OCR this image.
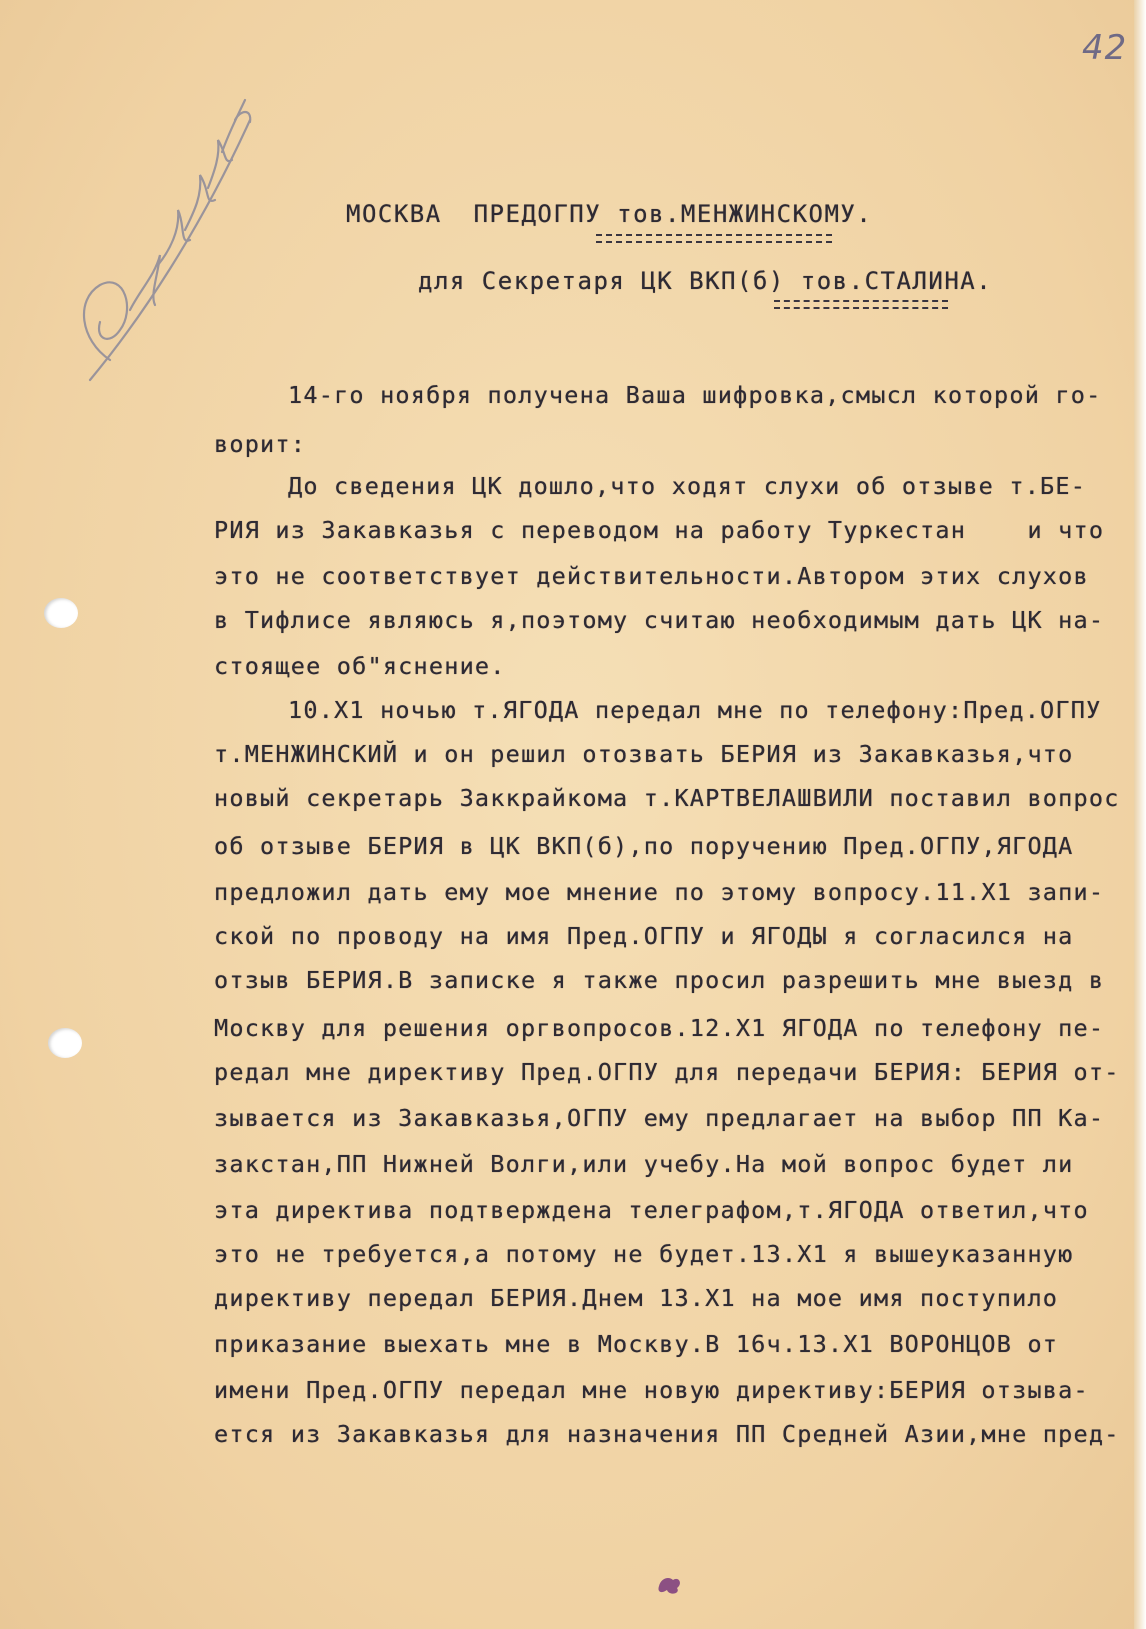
42
МОСКВА  ПРЕДОГПУ тов.МЕНЖИНСКОМУ.
для Секретаря ЦК ВКП(б) тов.СТАЛИНА.
14-го ноября получена Ваша шифровка,смысл которой го-
ворит:
До сведения ЦК дошло,что ходят слухи об отзыве т.БЕ-
РИЯ из Закавказья с переводом на работу Туркестан    и что
это не соответствует действительности.Автором этих слухов
в Тифлисе являюсь я,поэтому считаю необходимым дать ЦК на-
стоящее об"яснение.
10.Х1 ночью т.ЯГОДА передал мне по телефону:Пред.ОГПУ
т.МЕНЖИНСКИЙ и он решил отозвать БЕРИЯ из Закавказья,что
новый секретарь Заккрайкома т.КАРТВЕЛАШВИЛИ поставил вопрос
об отзыве БЕРИЯ в ЦК ВКП(б),по поручению Пред.ОГПУ,ЯГОДА
предложил дать ему мое мнение по этому вопросу.11.Х1 запи-
ской по проводу на имя Пред.ОГПУ и ЯГОДЫ я согласился на
отзыв БЕРИЯ.В записке я также просил разрешить мне выезд в
Москву для решения оргвопросов.12.Х1 ЯГОДА по телефону пе-
редал мне директиву Пред.ОГПУ для передачи БЕРИЯ: БЕРИЯ от-
зывается из Закавказья,ОГПУ ему предлагает на выбор ПП Ка-
закстан,ПП Нижней Волги,или учебу.На мой вопрос будет ли
эта директива подтверждена телеграфом,т.ЯГОДА ответил,что
это не требуется,а потому не будет.13.Х1 я вышеуказанную
директиву передал БЕРИЯ.Днем 13.Х1 на мое имя поступило
приказание выехать мне в Москву.В 16ч.13.Х1 ВОРОНЦОВ от
имени Пред.ОГПУ передал мне новую директиву:БЕРИЯ отзыва-
ется из Закавказья для назначения ПП Средней Азии,мне пред-
